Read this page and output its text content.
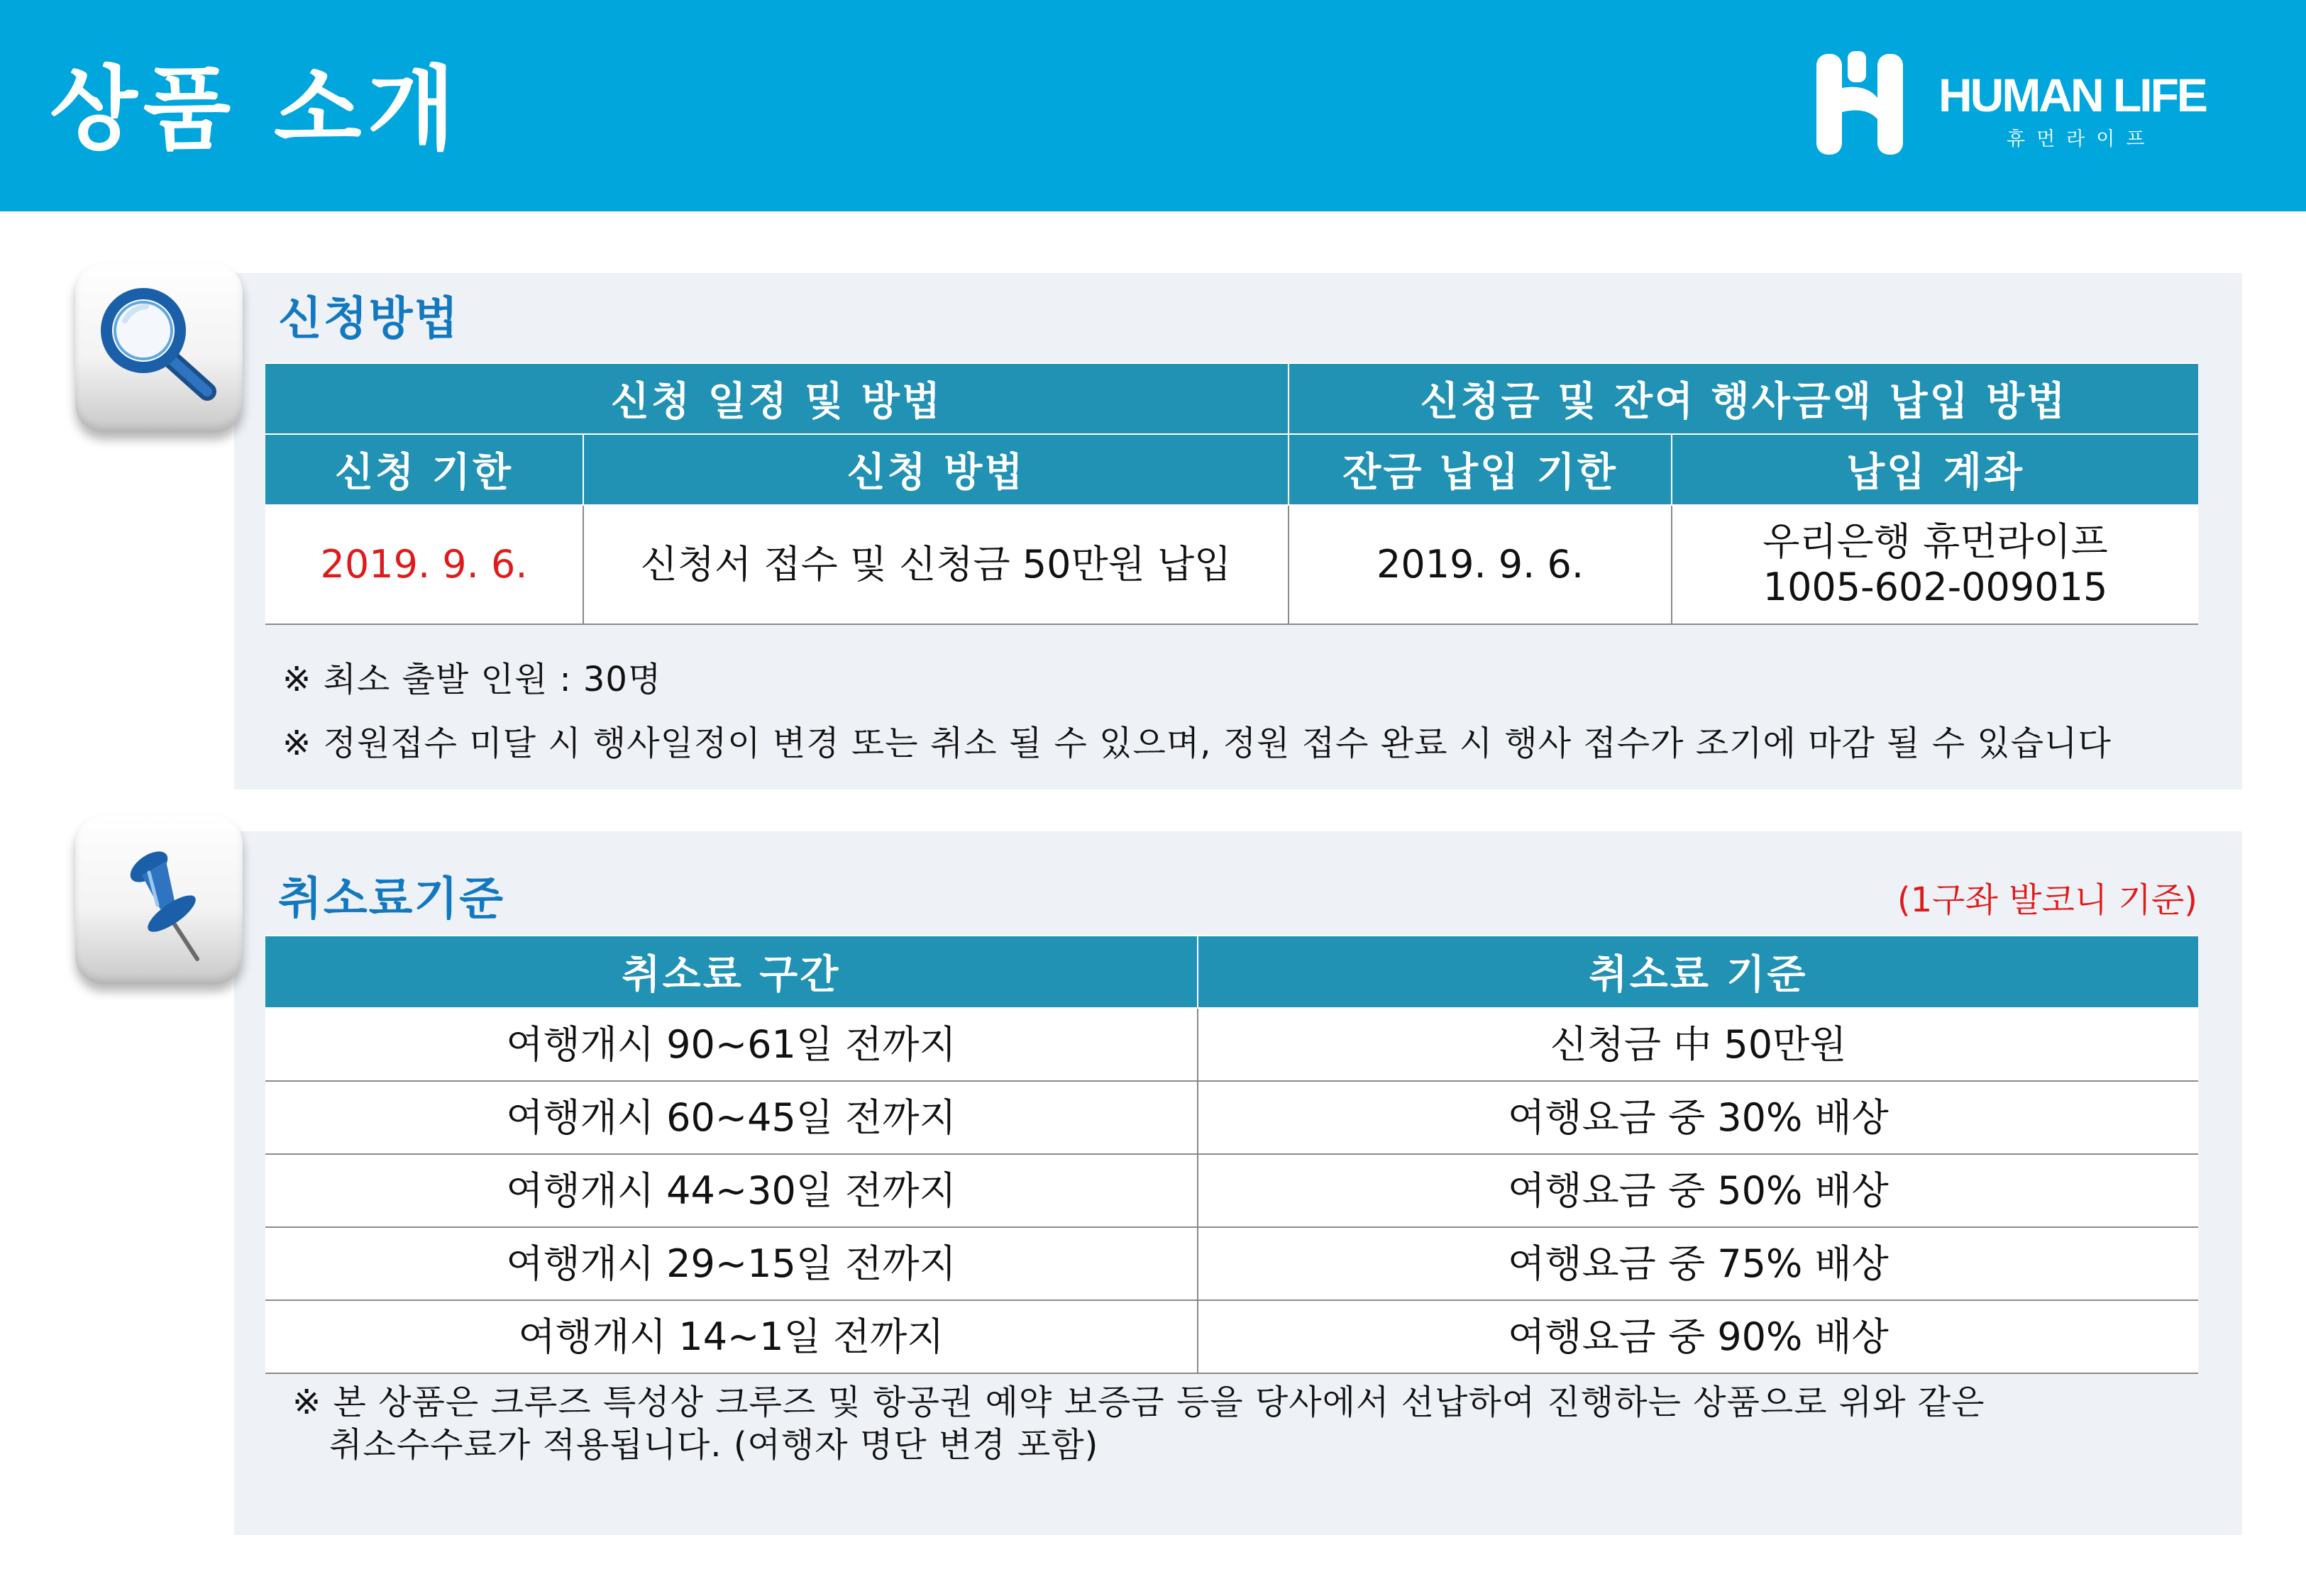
상품 소개	HUMAN LIFE
휴먼라이프
신청방법
신청 일정 및 방법		신청금 및 잔여 행사금액 납입 방법	
신청 기한	신청 방법	잔금 납입 기한	납입 계좌
2019. 9. 6.	신청서 접수 및 신청금 50만원 납입	2019. 9. 6.	우리은행 휴먼라이프
1005-602-009015
※ 최소 출발 인원 : 30명
※ 정원접수 미달 시 행사일정이 변경 또는 취소 될 수 있으며, 정원 접수 완료 시 행사 접수가 조기에 마감 될 수 있습니다
취소료기준	(1구좌 발코니 기준)
취소료 구간	취소료 기준
여행개시 90~61일 전까지	신청금 中 50만원
여행개시 60~45일 전까지	여행요금 중 30% 배상
여행개시 44~30일 전까지	여행요금 중 50% 배상
여행개시 29~15일 전까지	여행요금 중 75% 배상
여행개시 14~1일 전까지	여행요금 중 90% 배상
※ 본 상품은 크루즈 특성상 크루즈 및 항공권 예약 보증금 등을 당사에서 선납하여 진행하는 상품으로 위와 같은
취소수수료가 적용됩니다. (여행자 명단 변경 포함)
